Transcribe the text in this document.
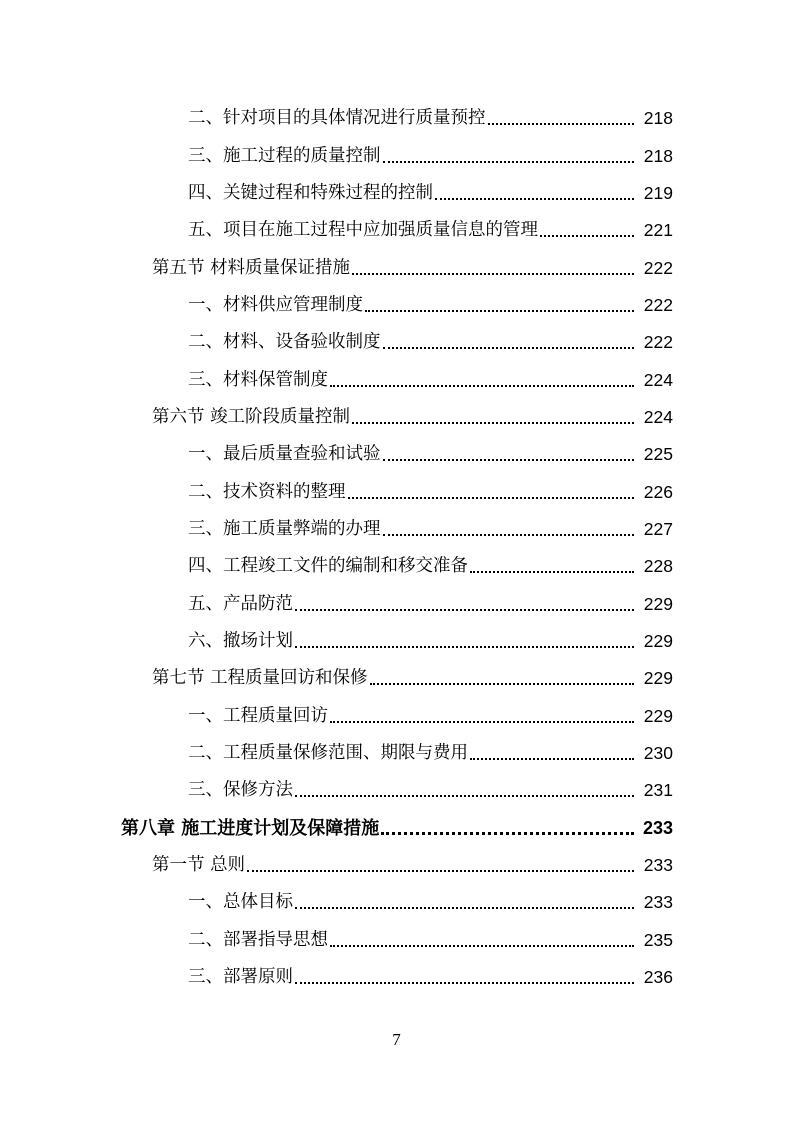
二、针对项目的具体情况进行质量预控	218
三、施工过程的质量控制	218
四、关键过程和特殊过程的控制	219
五、项目在施工过程中应加强质量信息的管理	221
第五节 材料质量保证措施	222
一、材料供应管理制度	222
二、材料、设备验收制度	222
三、材料保管制度	224
第六节 竣工阶段质量控制	224
一、最后质量查验和试验	225
二、技术资料的整理	226
三、施工质量弊端的办理	227
四、工程竣工文件的编制和移交准备	228
五、产品防范	229
六、撤场计划	229
第七节 工程质量回访和保修	229
一、工程质量回访	229
二、工程质量保修范围、期限与费用	230
三、保修方法	231
第八章 施工进度计划及保障措施	233
第一节 总则	233
一、总体目标	233
二、部署指导思想	235
三、部署原则	236
7
